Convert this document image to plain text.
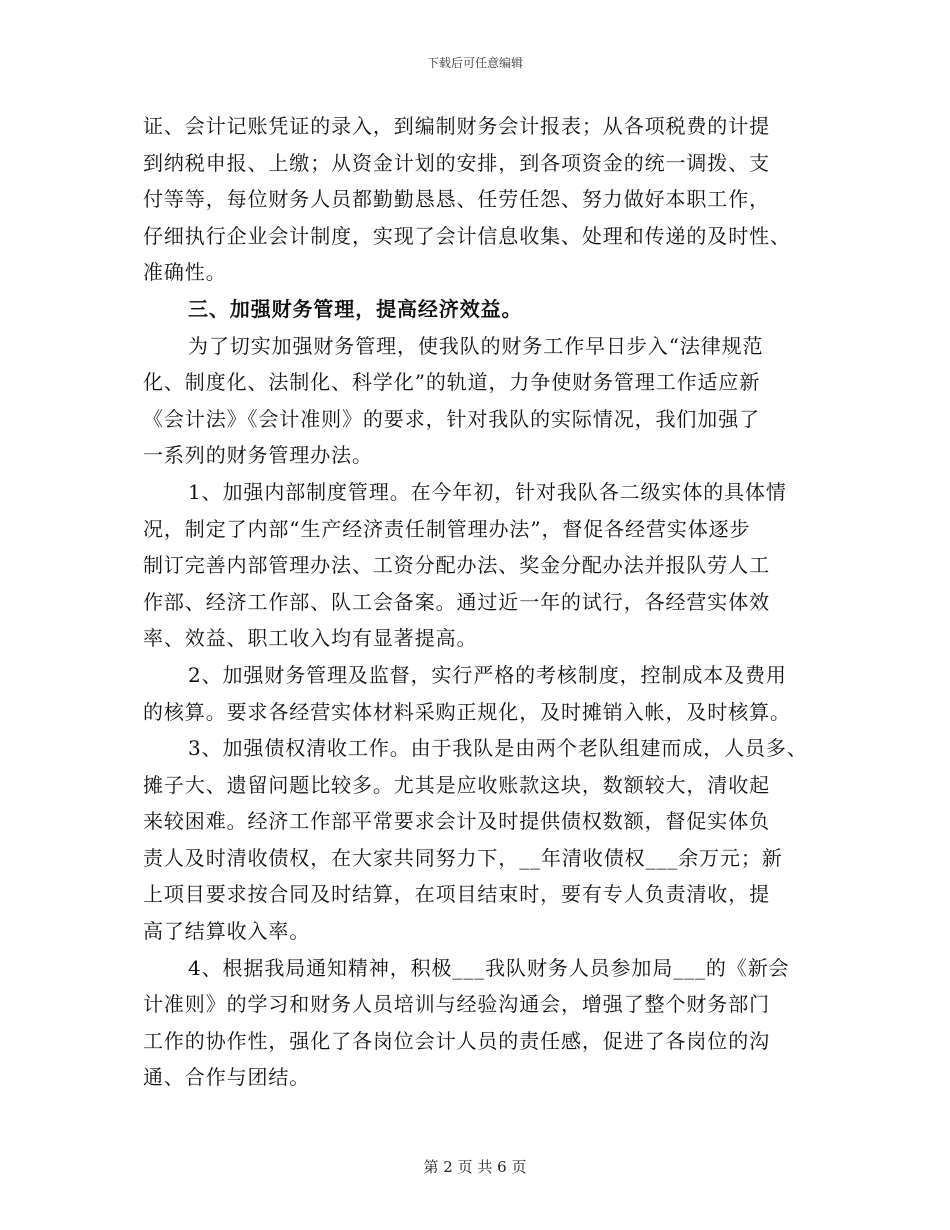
下载后可任意编辑
证、会计记账凭证的录入，到编制财务会计报表；从各项税费的计提
到纳税申报、上缴；从资金计划的安排，到各项资金的统一调拨、支
付等等，每位财务人员都勤勤恳恳、任劳任怨、努力做好本职工作，
仔细执行企业会计制度，实现了会计信息收集、处理和传递的及时性、
准确性。
三、加强财务管理，提高经济效益。
为了切实加强财务管理，使我队的财务工作早日步入“法律规范
化、制度化、法制化、科学化”的轨道，力争使财务管理工作适应新
《会计法》《会计准则》的要求，针对我队的实际情况，我们加强了
一系列的财务管理办法。
1、加强内部制度管理。在今年初，针对我队各二级实体的具体情
况，制定了内部“生产经济责任制管理办法”，督促各经营实体逐步
制订完善内部管理办法、工资分配办法、奖金分配办法并报队劳人工
作部、经济工作部、队工会备案。通过近一年的试行，各经营实体效
率、效益、职工收入均有显著提高。
2、加强财务管理及监督，实行严格的考核制度，控制成本及费用
的核算。要求各经营实体材料采购正规化，及时摊销入帐，及时核算。
3、加强债权清收工作。由于我队是由两个老队组建而成，人员多、
摊子大、遗留问题比较多。尤其是应收账款这块，数额较大，清收起
来较困难。经济工作部平常要求会计及时提供债权数额，督促实体负
责人及时清收债权，在大家共同努力下，__年清收债权___余万元；新
上项目要求按合同及时结算，在项目结束时，要有专人负责清收，提
高了结算收入率。
4、根据我局通知精神，积极___我队财务人员参加局___的《新会
计准则》的学习和财务人员培训与经验沟通会，增强了整个财务部门
工作的协作性，强化了各岗位会计人员的责任感，促进了各岗位的沟
通、合作与团结。
第 2 页 共 6 页
